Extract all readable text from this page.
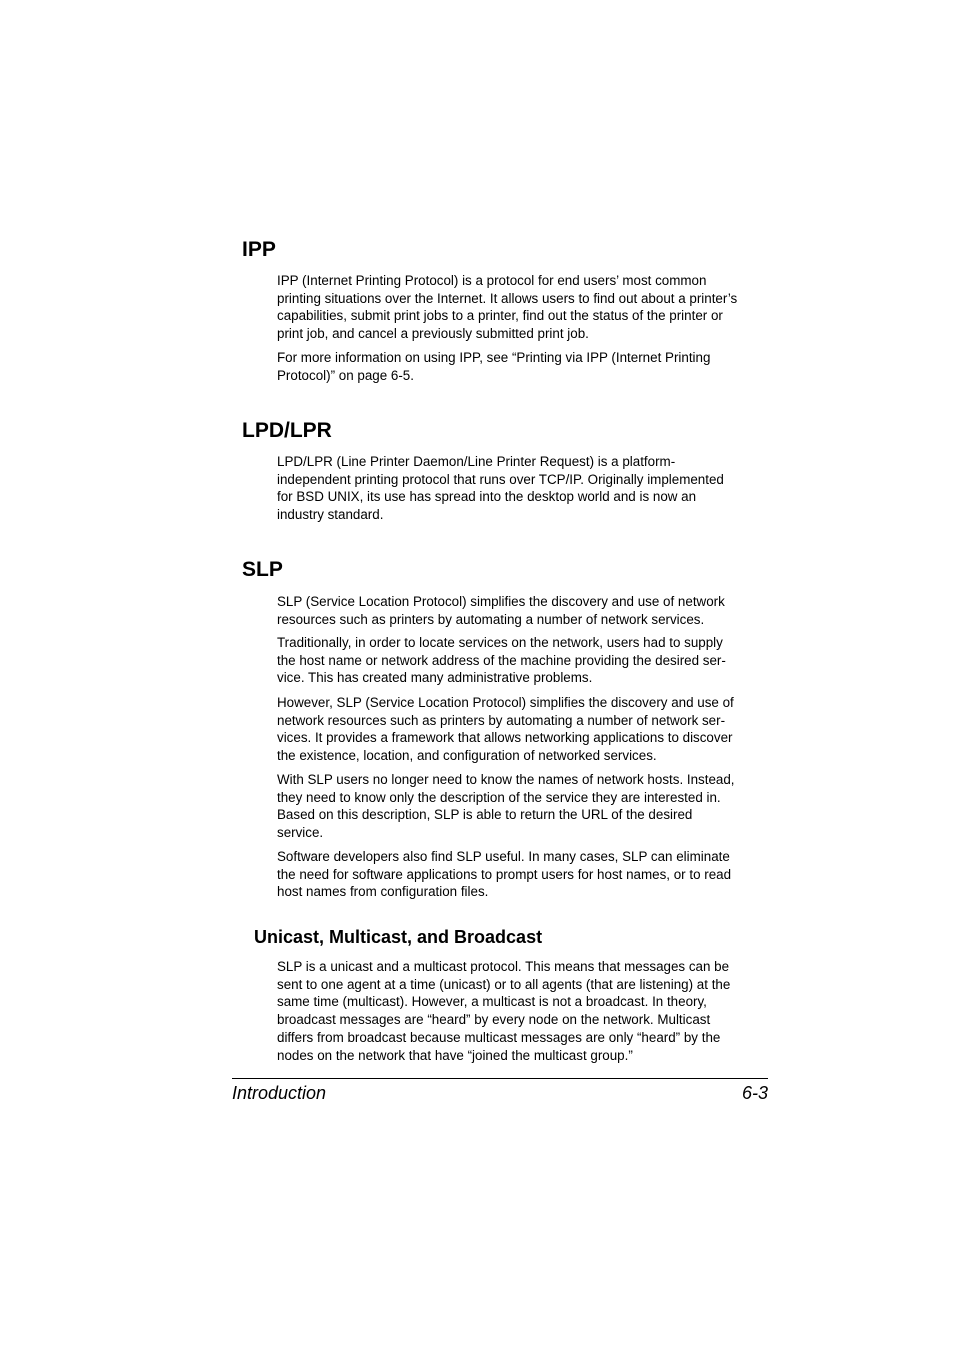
IPP

IPP (Internet Printing Protocol) is a protocol for end users’ most common
printing situations over the Internet. It allows users to find out about a printer’s
capabilities, submit print jobs to a printer, find out the status of the printer or
print job, and cancel a previously submitted print job.

For more information on using IPP, see “Printing via IPP (Internet Printing
Protocol)” on page 6-5.

LPD/LPR

LPD/LPR (Line Printer Daemon/Line Printer Request) is a platform-
independent printing protocol that runs over TCP/IP. Originally implemented
for BSD UNIX, its use has spread into the desktop world and is now an
industry standard.

SLP

SLP (Service Location Protocol) simplifies the discovery and use of network
resources such as printers by automating a number of network services.

Traditionally, in order to locate services on the network, users had to supply
the host name or network address of the machine providing the desired ser-
vice. This has created many administrative problems.

However, SLP (Service Location Protocol) simplifies the discovery and use of
network resources such as printers by automating a number of network ser-
vices. It provides a framework that allows networking applications to discover
the existence, location, and configuration of networked services.

With SLP users no longer need to know the names of network hosts. Instead,
they need to know only the description of the service they are interested in.
Based on this description, SLP is able to return the URL of the desired
service.

Software developers also find SLP useful. In many cases, SLP can eliminate
the need for software applications to prompt users for host names, or to read
host names from configuration files.

Unicast, Multicast, and Broadcast

SLP is a unicast and a multicast protocol. This means that messages can be
sent to one agent at a time (unicast) or to all agents (that are listening) at the
same time (multicast). However, a multicast is not a broadcast. In theory,
broadcast messages are “heard” by every node on the network. Multicast
differs from broadcast because multicast messages are only “heard” by the
nodes on the network that have “joined the multicast group.”

Introduction	6-3
